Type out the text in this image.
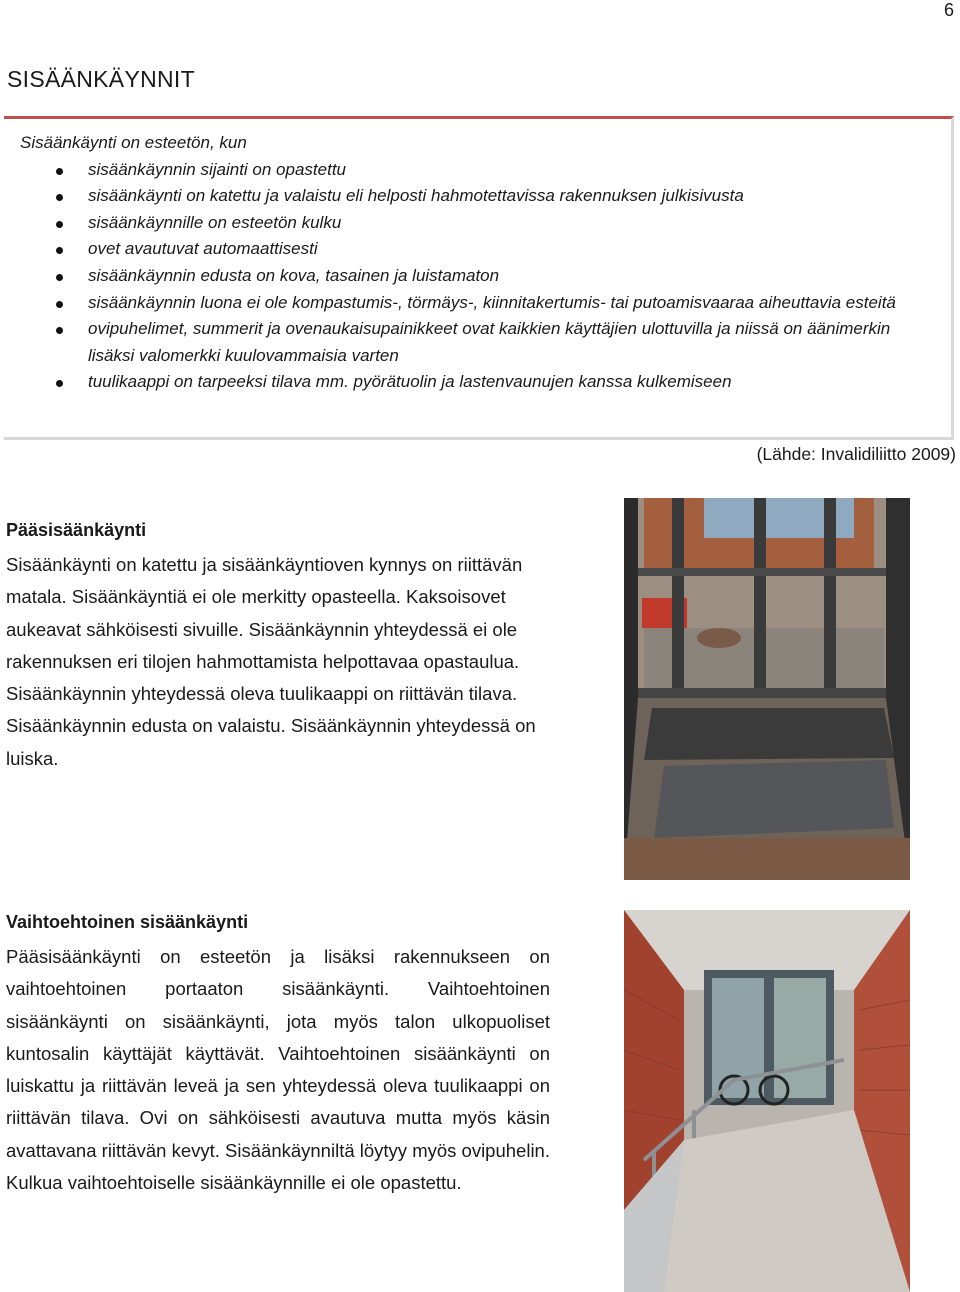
6
SISÄÄNKÄYNNIT

Sisäänkäynti on esteetön, kun

sisäänkäynnin sijainti on opastettu
sisäänkäynti on katettu ja valaistu eli helposti hahmotettavissa rakennuksen julkisivusta
sisäänkäynnille on esteetön kulku
ovet avautuvat automaattisesti
sisäänkäynnin edusta on kova, tasainen ja luistamaton
sisäänkäynnin luona ei ole kompastumis-, törmäys-, kiinnitakertumis- tai putoamisvaaraa aiheuttavia esteitä
ovipuhelimet, summerit ja ovenaukaisupainikkeet ovat kaikkien käyttäjien ulottuvilla ja niissä on äänimerkin lisäksi valomerkki kuulovammaisia varten
tuulikaappi on tarpeeksi tilava mm. pyörätuolin ja lastenvaunujen kanssa kulkemiseen
(Lähde: Invalidiliitto 2009)

Pääsisäänkäynti

Sisäänkäynti on katettu ja sisäänkäyntioven kynnys on riittävän matala. Sisäänkäyntiä ei ole merkitty opasteella. Kaksoisovet aukeavat sähköisesti sivuille. Sisäänkäynnin yhteydessä ei ole rakennuksen eri tilojen hahmottamista helpottavaa opastaulua. Sisäänkäynnin yhteydessä oleva tuulikaappi on riittävän tilava. Sisäänkäynnin edusta on valaistu. Sisäänkäynnin yhteydessä on luiska.

Vaihtoehtoinen sisäänkäynti

Pääsisäänkäynti on esteetön ja lisäksi rakennukseen on vaihtoehtoinen portaaton sisäänkäynti. Vaihtoehtoinen sisäänkäynti on sisäänkäynti, jota myös talon ulkopuoliset kuntosalin käyttäjät käyttävät. Vaihtoehtoinen sisäänkäynti on luiskattu ja riittävän leveä ja sen yhteydessä oleva tuulikaappi on riittävän tilava. Ovi on sähköisesti avautuva mutta myös käsin avattavana riittävän kevyt. Sisäänkäynniltä löytyy myös ovipuhelin. Kulkua vaihtoehtoiselle sisäänkäynnille ei ole opastettu.
